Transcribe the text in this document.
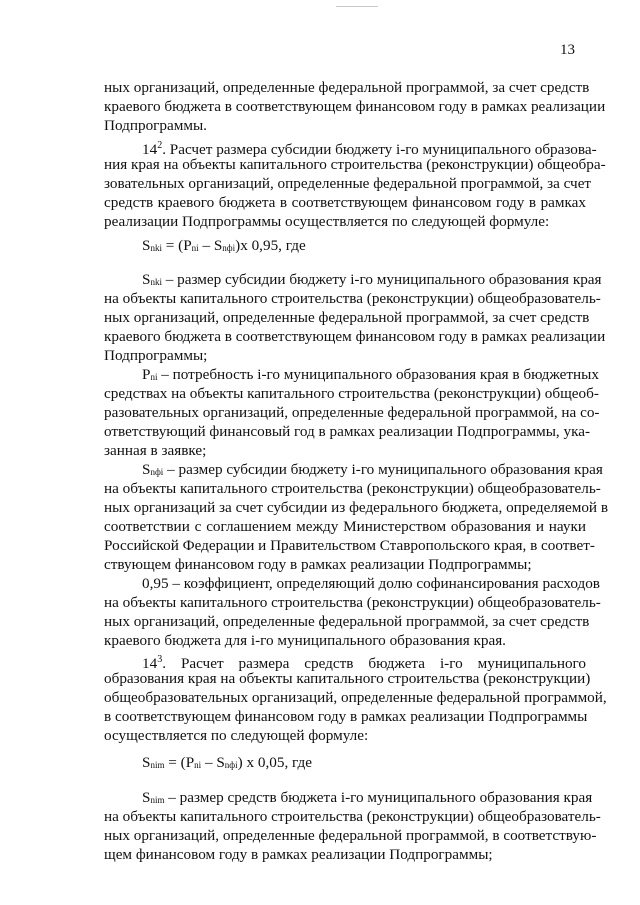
13
ных организаций, определенные федеральной программой, за счет средств
краевого бюджета в соответствующем финансовом году в рамках реализации
Подпрограммы.
$14^2$. Расчет размера субсидии бюджету i-го муниципального образова-
ния края на объекты капитального строительства (реконструкции) общеобра-
зовательных организаций, определенные федеральной программой, за счет
средств краевого бюджета в соответствующем финансовом году в рамках
реализации Подпрограммы осуществляется по следующей формуле:
Snki = (Pni – Snфi)x 0,95, где
Snki – размер субсидии бюджету i-го муниципального образования края
на объекты капитального строительства (реконструкции) общеобразователь-
ных организаций, определенные федеральной программой, за счет средств
краевого бюджета в соответствующем финансовом году в рамках реализации
Подпрограммы;
Pni – потребность i-го муниципального образования края в бюджетных
средствах на объекты капитального строительства (реконструкции) общеоб-
разовательных организаций, определенные федеральной программой, на со-
ответствующий финансовый год в рамках реализации Подпрограммы, ука-
занная в заявке;
Snфi – размер субсидии бюджету i-го муниципального образования края
на объекты капитального строительства (реконструкции) общеобразователь-
ных организаций за счет субсидии из федерального бюджета, определяемой в
соответствии с соглашением между Министерством образования и науки
Российской Федерации и Правительством Ставропольского края, в соответ-
ствующем финансовом году в рамках реализации Подпрограммы;
0,95 – коэффициент, определяющий долю софинансирования расходов
на объекты капитального строительства (реконструкции) общеобразователь-
ных организаций, определенные федеральной программой, за счет средств
краевого бюджета для i-го муниципального образования края.
$14^3$. Расчет размера средств бюджета i-го муниципального
образования края на объекты капитального строительства (реконструкции)
общеобразовательных организаций, определенные федеральной программой,
в соответствующем финансовом году в рамках реализации Подпрограммы
осуществляется по следующей формуле:
Snim = (Pni – Snфi) x 0,05, где
Snim – размер средств бюджета i-го муниципального образования края
на объекты капитального строительства (реконструкции) общеобразователь-
ных организаций, определенные федеральной программой, в соответствую-
щем финансовом году в рамках реализации Подпрограммы;
